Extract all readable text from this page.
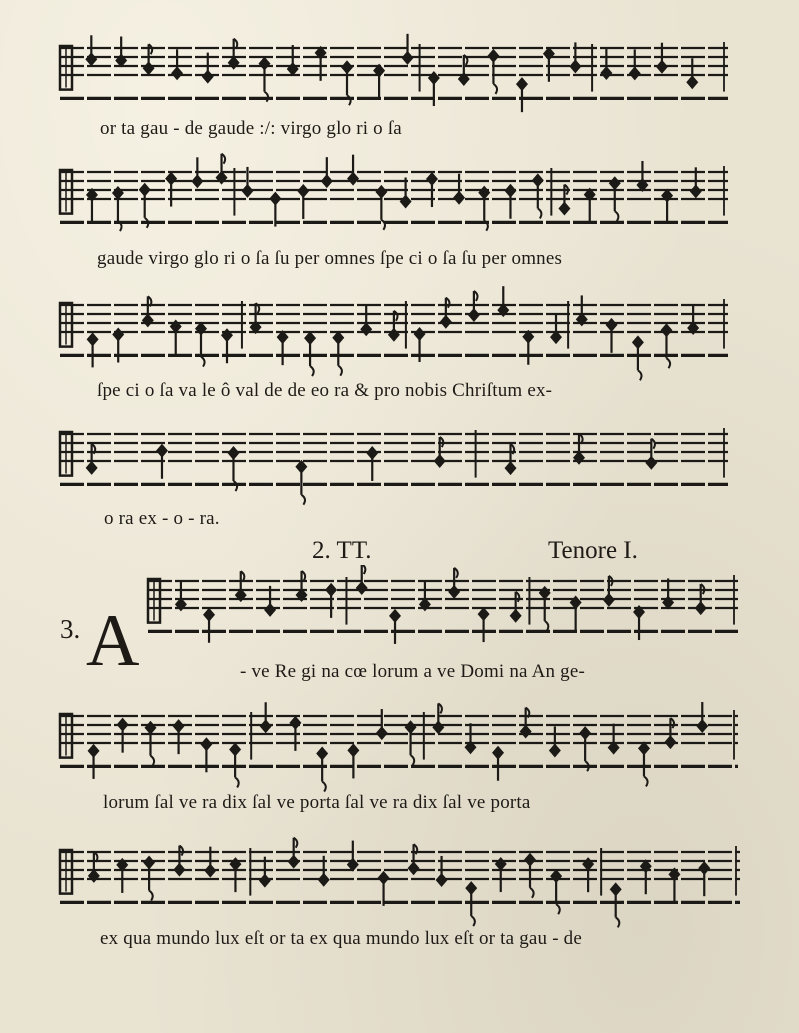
or ta gau - de gaude :/: virgo glo ri o ſa
gaude virgo glo ri o ſa ſu per omnes ſpe ci o ſa ſu per omnes
ſpe ci o ſa va le ô val de de eo ra & pro nobis Chriſtum ex-
o ra ex - o - ra.
2. TT.	Tenore I.
3. A	- ve Re gi na cœ lorum a ve Domi na An ge-
lorum ſal ve ra dix ſal ve porta ſal ve ra dix ſal ve porta
ex qua mundo lux eſt or ta ex qua mundo lux eſt or ta gau - de
